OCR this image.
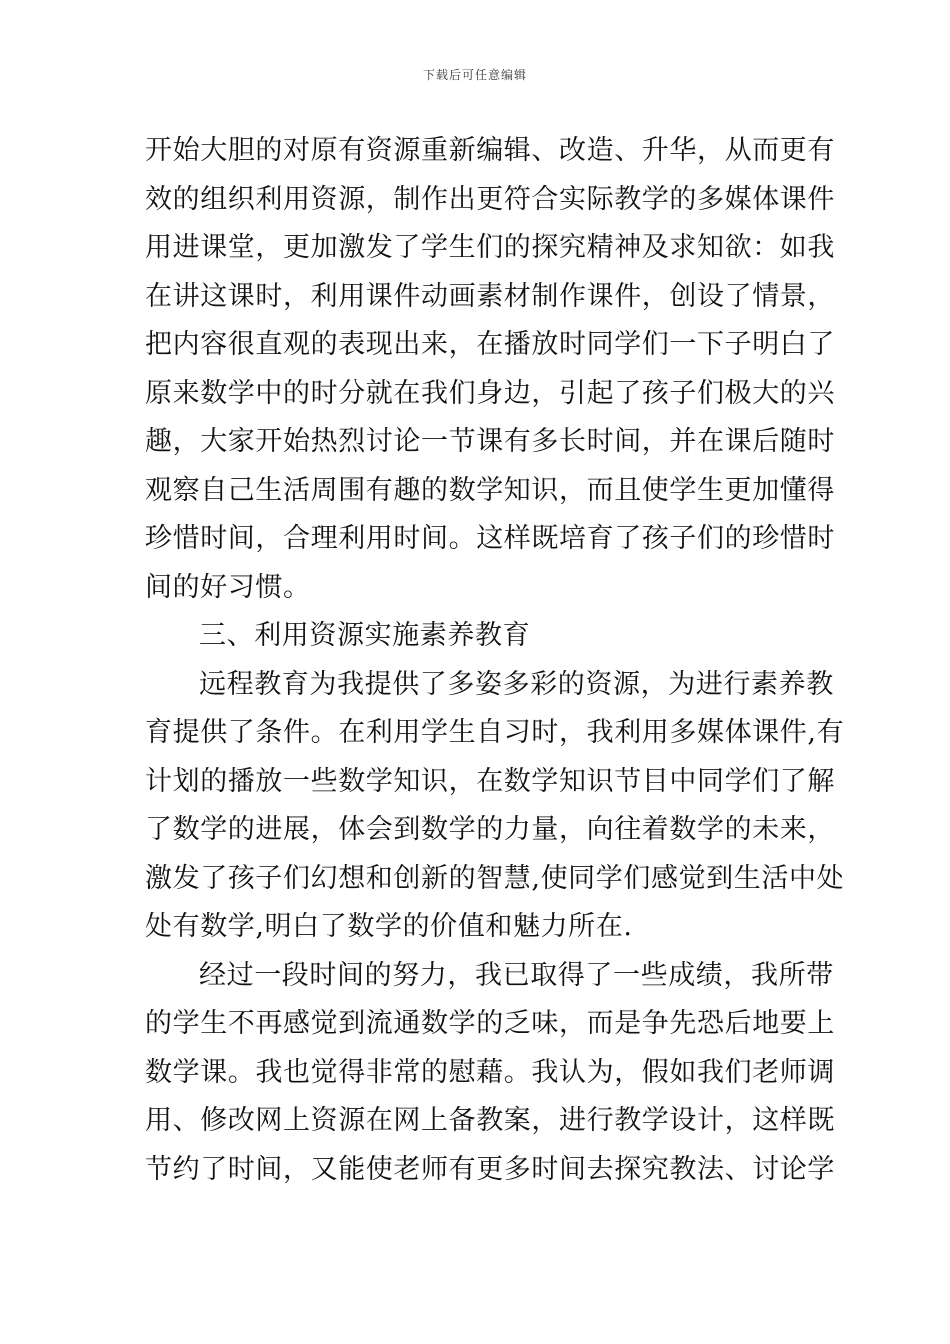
下载后可任意编辑
开始大胆的对原有资源重新编辑、改造、升华，从而更有
效的组织利用资源，制作出更符合实际教学的多媒体课件
用进课堂，更加激发了学生们的探究精神及求知欲：如我
在讲这课时，利用课件动画素材制作课件，创设了情景，
把内容很直观的表现出来，在播放时同学们一下子明白了
原来数学中的时分就在我们身边，引起了孩子们极大的兴
趣，大家开始热烈讨论一节课有多长时间，并在课后随时
观察自己生活周围有趣的数学知识，而且使学生更加懂得
珍惜时间，合理利用时间。这样既培育了孩子们的珍惜时
间的好习惯。
三、利用资源实施素养教育
远程教育为我提供了多姿多彩的资源，为进行素养教
育提供了条件。在利用学生自习时，我利用多媒体课件,有
计划的播放一些数学知识，在数学知识节目中同学们了解
了数学的进展，体会到数学的力量，向往着数学的未来，
激发了孩子们幻想和创新的智慧,使同学们感觉到生活中处
处有数学,明白了数学的价值和魅力所在.
经过一段时间的努力，我已取得了一些成绩，我所带
的学生不再感觉到流通数学的乏味，而是争先恐后地要上
数学课。我也觉得非常的慰藉。我认为，假如我们老师调
用、修改网上资源在网上备教案，进行教学设计，这样既
节约了时间，又能使老师有更多时间去探究教法、讨论学
